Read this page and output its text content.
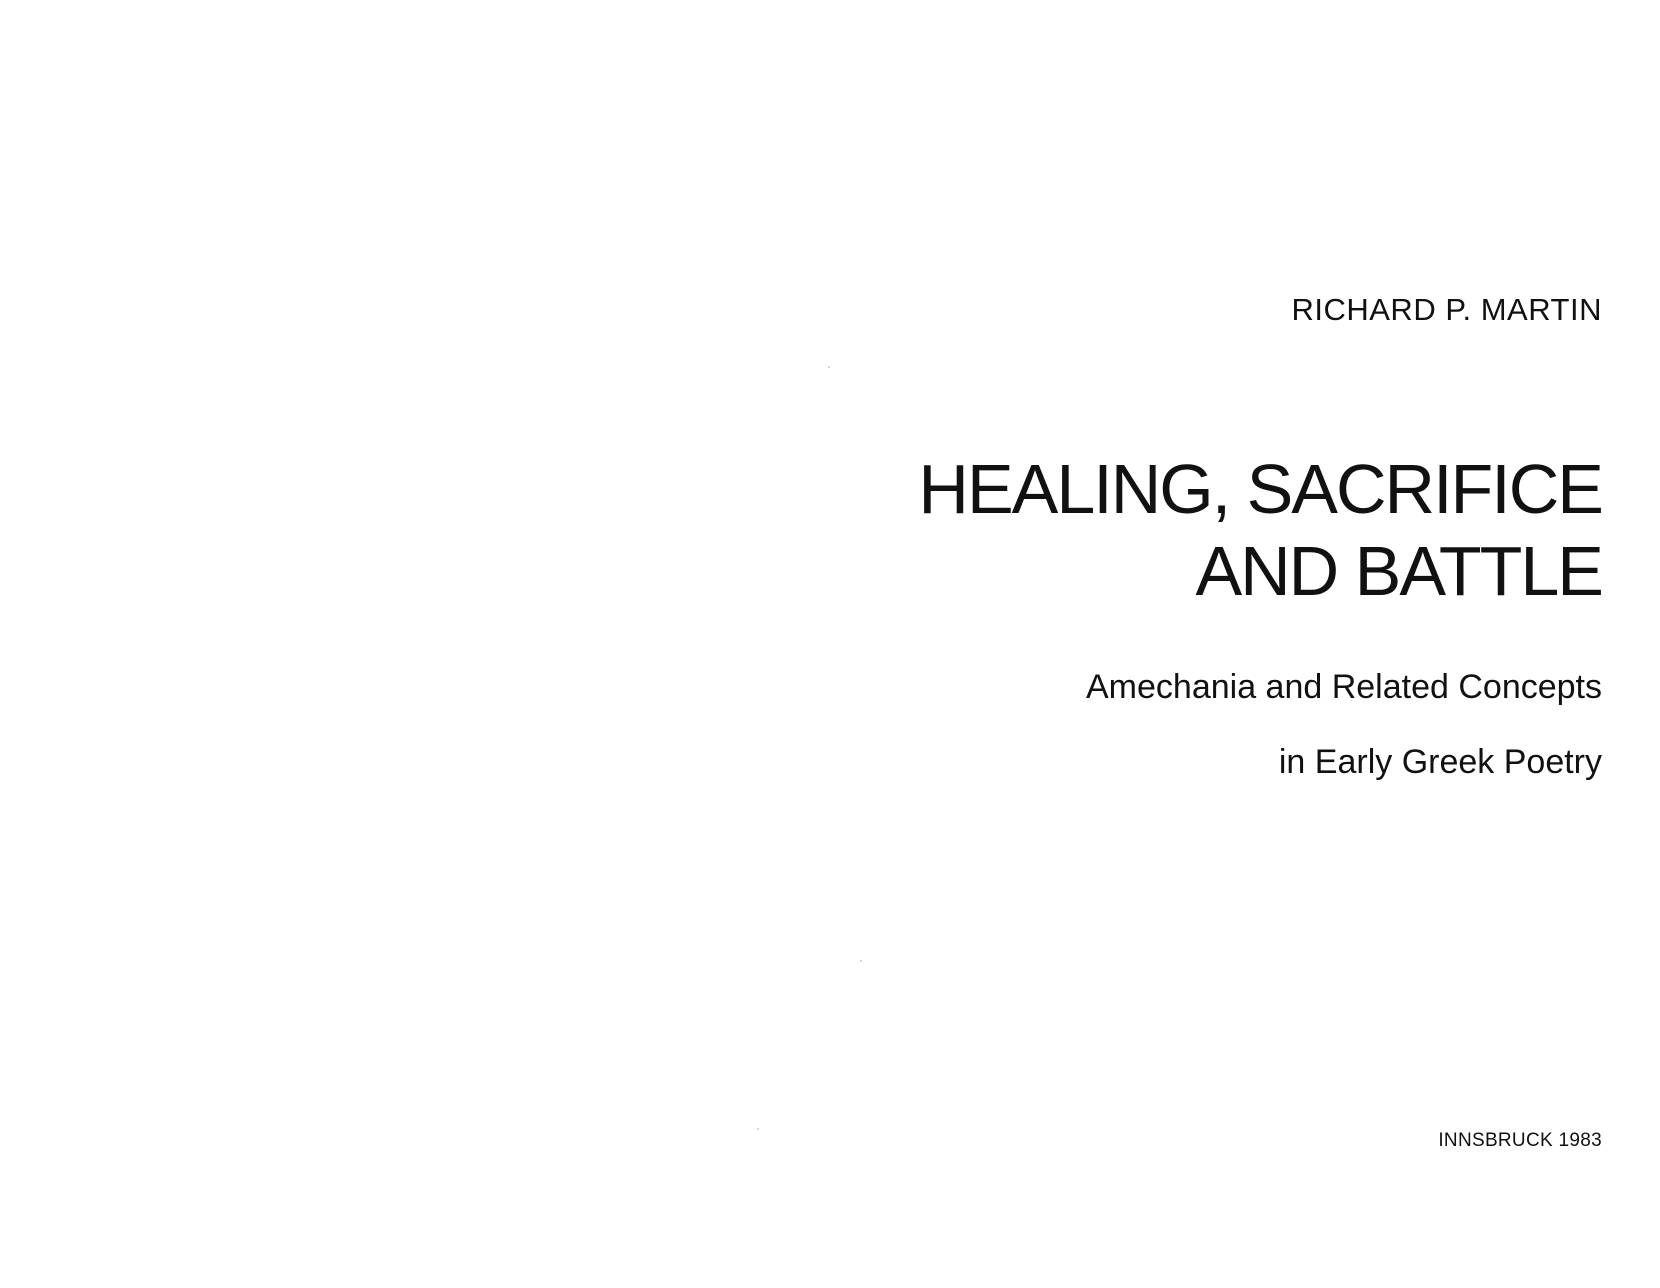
RICHARD P. MARTIN
HEALING, SACRIFICE
AND BATTLE
Amechania and Related Concepts
in Early Greek Poetry
INNSBRUCK 1983
